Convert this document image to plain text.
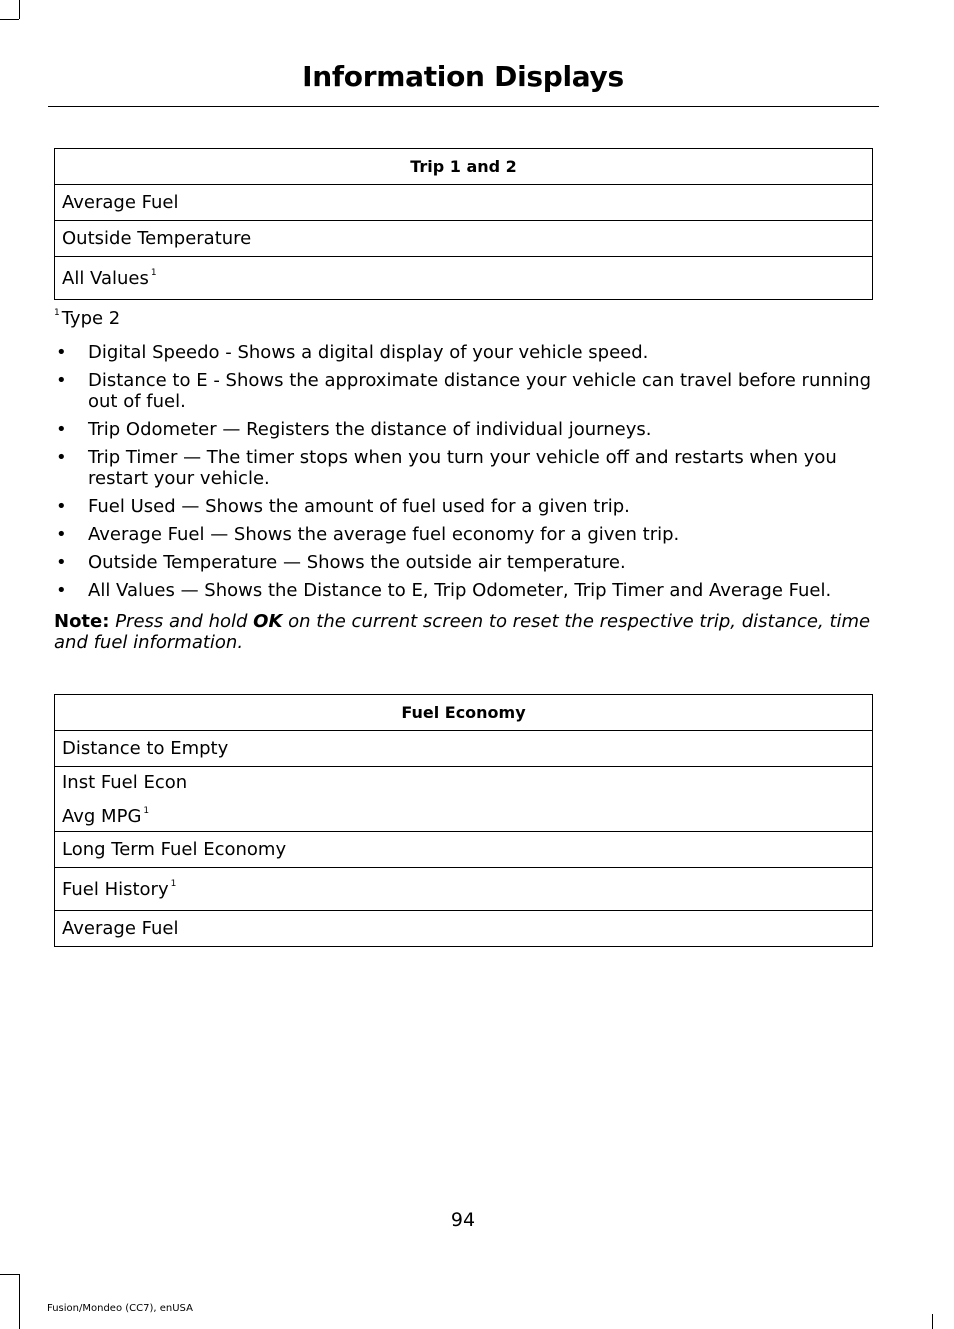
Information Displays
Trip 1 and 2
Average Fuel
Outside Temperature
All Values $^1$
$^1$ Type 2
• Digital Speedo - Shows a digital display of your vehicle speed.
• Distance to E - Shows the approximate distance your vehicle can travel before running out of fuel.
• Trip Odometer — Registers the distance of individual journeys.
• Trip Timer — The timer stops when you turn your vehicle off and restarts when you restart your vehicle.
• Fuel Used — Shows the amount of fuel used for a given trip.
• Average Fuel — Shows the average fuel economy for a given trip.
• Outside Temperature — Shows the outside air temperature.
• All Values — Shows the Distance to E, Trip Odometer, Trip Timer and Average Fuel.
Note: Press and hold OK on the current screen to reset the respective trip, distance, time and fuel information.
Fuel Economy
Distance to Empty

Inst Fuel Econ
Avg MPG $^1$

Long Term Fuel Economy
Fuel History $^1$
Average Fuel
94
Fusion/Mondeo (CC7), enUSA
